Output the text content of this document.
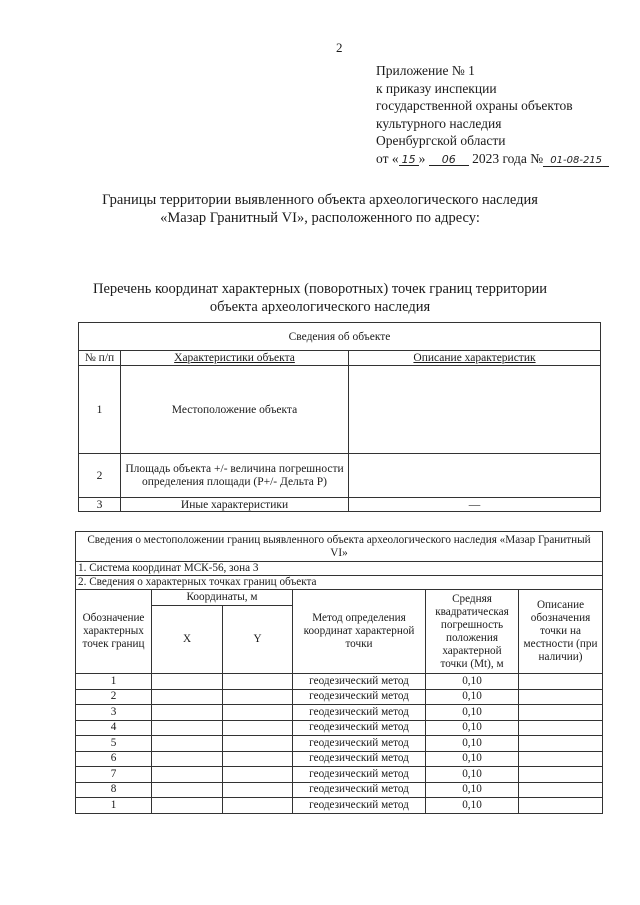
2
Приложение № 1
к приказу инспекции
государственной охраны объектов
культурного наследия
Оренбургской области
от « 15 » 06 2023 года № 01-08-215
Границы территории выявленного объекта археологического наследия
«Мазар Гранитный VI», расположенного по адресу:
Перечень координат характерных (поворотных) точек границ территории
объекта археологического наследия
Сведения об объекте		
№ п/п	Характеристики объекта	Описание характеристик
1	Местоположение объекта	
2	Площадь объекта +/- величина погрешности определения площади (P+/- Дельта P)	
3	Иные характеристики	—
Сведения о местоположении границ выявленного объекта археологического наследия «Мазар Гранитный VI»					
1. Система координат МСК-56, зона 3					
2. Сведения о характерных точках границ объекта					
Обозначение характерных точек границ	Координаты, м		Метод определения координат характерной точки	Средняя квадратическая погрешность положения характерной точки (Mt), м	Описание обозначения точки на местности (при наличии)
	X	Y			
1			геодезический метод	0,10	
2			геодезический метод	0,10	
3			геодезический метод	0,10	
4			геодезический метод	0,10	
5			геодезический метод	0,10	
6			геодезический метод	0,10	
7			геодезический метод	0,10	
8			геодезический метод	0,10	
1			геодезический метод	0,10	
